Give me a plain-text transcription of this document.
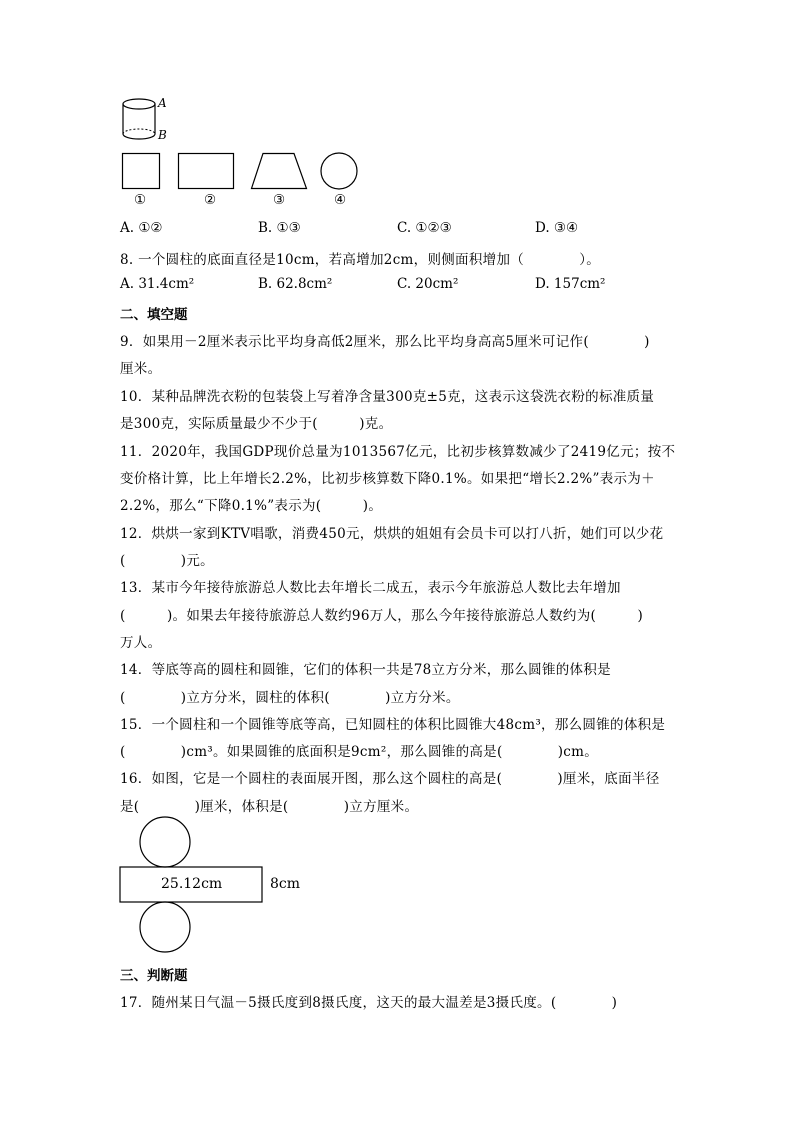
A
B
①	②	③	④
A. ①②	B. ①③	C. ①②③	D. ③④
8. 一个圆柱的底面直径是10cm，若高增加2cm，则侧面积增加（　　　　）。
A. 31.4cm²	B. 62.8cm²	C. 20cm²	D. 157cm²
二、填空题
9．如果用－2厘米表示比平均身高低2厘米，那么比平均身高高5厘米可记作(　　　　)
厘米。
10．某种品牌洗衣粉的包装袋上写着净含量300克±5克，这表示这袋洗衣粉的标准质量
是300克，实际质量最少不少于(　　　)克。
11．2020年，我国GDP现价总量为1013567亿元，比初步核算数减少了2419亿元；按不
变价格计算，比上年增长2.2%，比初步核算数下降0.1%。如果把“增长2.2%”表示为＋
2.2%，那么“下降0.1%”表示为(　　　)。
12．烘烘一家到KTV唱歌，消费450元，烘烘的姐姐有会员卡可以打八折，她们可以少花
(　　　　)元。
13．某市今年接待旅游总人数比去年增长二成五，表示今年旅游总人数比去年增加
(　　　)。如果去年接待旅游总人数约96万人，那么今年接待旅游总人数约为(　　　)
万人。
14．等底等高的圆柱和圆锥，它们的体积一共是78立方分米，那么圆锥的体积是
(　　　　)立方分米，圆柱的体积(　　　　)立方分米。
15．一个圆柱和一个圆锥等底等高，已知圆柱的体积比圆锥大48cm³，那么圆锥的体积是
(　　　　)cm³。如果圆锥的底面积是9cm²，那么圆锥的高是(　　　　)cm。
16．如图，它是一个圆柱的表面展开图，那么这个圆柱的高是(　　　　)厘米，底面半径
是(　　　　)厘米，体积是(　　　　)立方厘米。
25.12cm	8cm
三、判断题
17．随州某日气温－5摄氏度到8摄氏度，这天的最大温差是3摄氏度。(　　　　)
